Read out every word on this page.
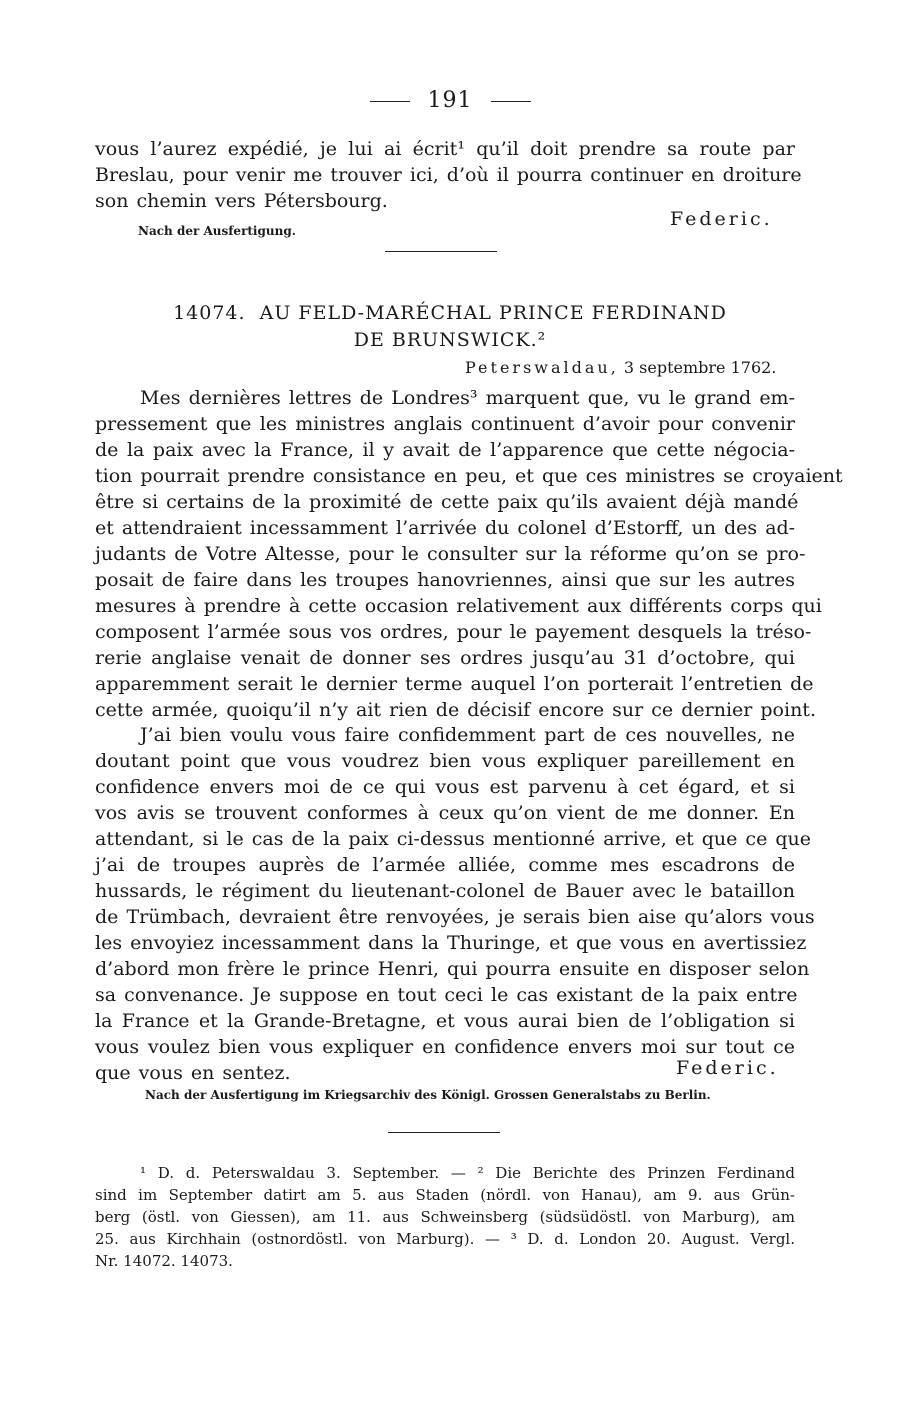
191
vous l’aurez expédié, je lui ai écrit¹ qu’il doit prendre sa route par
Breslau, pour venir me trouver ici, d’où il pourra continuer en droiture
son chemin vers Pétersbourg.
Federic.
Nach der Ausfertigung.
14074. AU FELD-MARÉCHAL PRINCE FERDINAND
DE BRUNSWICK.²
Peterswaldau, 3 septembre 1762.
Mes dernières lettres de Londres³ marquent que, vu le grand em-
pressement que les ministres anglais continuent d’avoir pour convenir
de la paix avec la France, il y avait de l’apparence que cette négocia-
tion pourrait prendre consistance en peu, et que ces ministres se croyaient
être si certains de la proximité de cette paix qu’ils avaient déjà mandé
et attendraient incessamment l’arrivée du colonel d’Estorff, un des ad-
judants de Votre Altesse, pour le consulter sur la réforme qu’on se pro-
posait de faire dans les troupes hanovriennes, ainsi que sur les autres
mesures à prendre à cette occasion relativement aux différents corps qui
composent l’armée sous vos ordres, pour le payement desquels la tréso-
rerie anglaise venait de donner ses ordres jusqu’au 31 d’octobre, qui
apparemment serait le dernier terme auquel l’on porterait l’entretien de
cette armée, quoiqu’il n’y ait rien de décisif encore sur ce dernier point.
J’ai bien voulu vous faire confidemment part de ces nouvelles, ne
doutant point que vous voudrez bien vous expliquer pareillement en
confidence envers moi de ce qui vous est parvenu à cet égard, et si
vos avis se trouvent conformes à ceux qu’on vient de me donner. En
attendant, si le cas de la paix ci-dessus mentionné arrive, et que ce que
j’ai de troupes auprès de l’armée alliée, comme mes escadrons de
hussards, le régiment du lieutenant-colonel de Bauer avec le bataillon
de Trümbach, devraient être renvoyées, je serais bien aise qu’alors vous
les envoyiez incessamment dans la Thuringe, et que vous en avertissiez
d’abord mon frère le prince Henri, qui pourra ensuite en disposer selon
sa convenance. Je suppose en tout ceci le cas existant de la paix entre
la France et la Grande-Bretagne, et vous aurai bien de l’obligation si
vous voulez bien vous expliquer en confidence envers moi sur tout ce
que vous en sentez.	Federic.
Nach der Ausfertigung im Kriegsarchiv des Königl. Grossen Generalstabs zu Berlin.
¹ D. d. Peterswaldau 3. September. — ² Die Berichte des Prinzen Ferdinand
sind im September datirt am 5. aus Staden (nördl. von Hanau), am 9. aus Grün-
berg (östl. von Giessen), am 11. aus Schweinsberg (südsüdöstl. von Marburg), am
25. aus Kirchhain (ostnordöstl. von Marburg). — ³ D. d. London 20. August. Vergl.
Nr. 14072. 14073.
